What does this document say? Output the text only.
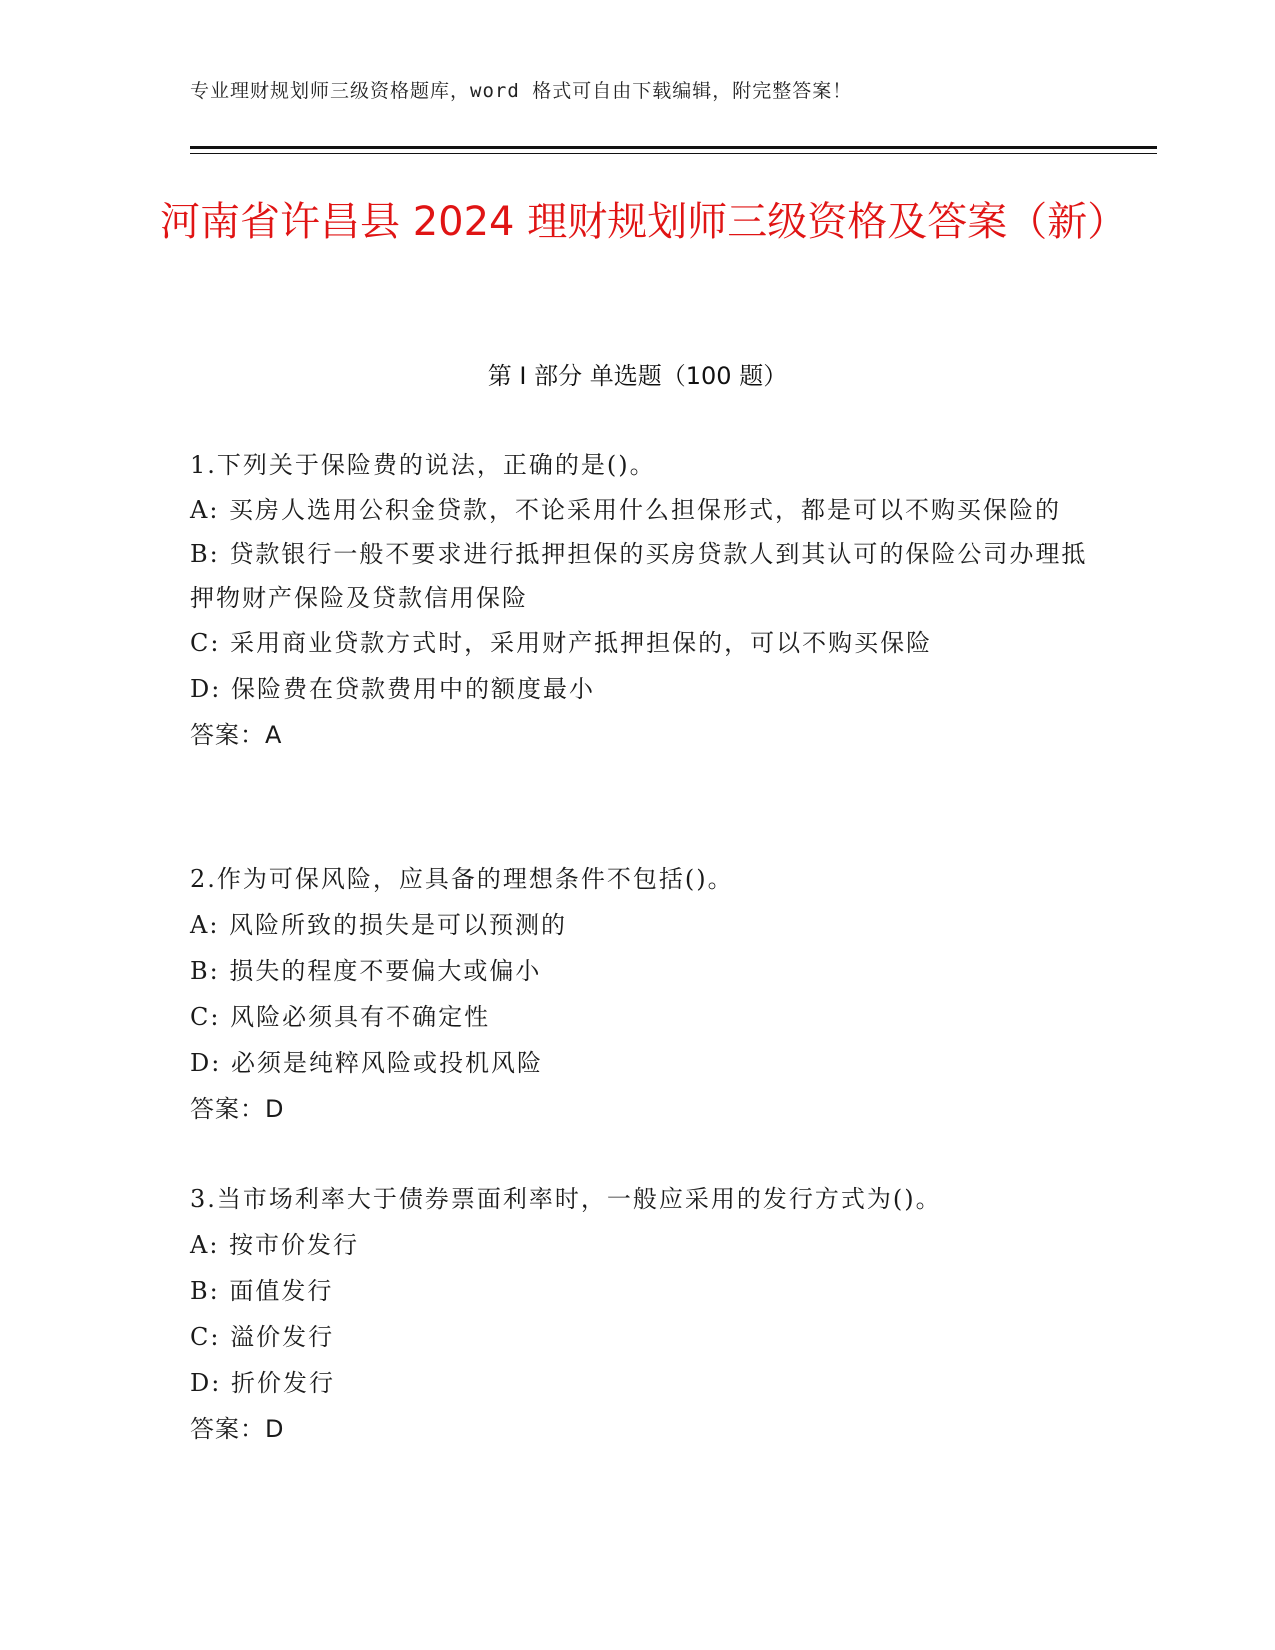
专业理财规划师三级资格题库，word 格式可自由下载编辑，附完整答案！
河南省许昌县 2024 理财规划师三级资格及答案（新）
第 I 部分 单选题（100 题）

1.下列关于保险费的说法，正确的是()。

A: 买房人选用公积金贷款，不论采用什么担保形式，都是可以不购买保险的

B: 贷款银行一般不要求进行抵押担保的买房贷款人到其认可的保险公司办理抵押物财产保险及贷款信用保险

C: 采用商业贷款方式时，采用财产抵押担保的，可以不购买保险

D: 保险费在贷款费用中的额度最小

答案：A

2.作为可保风险，应具备的理想条件不包括()。

A: 风险所致的损失是可以预测的

B: 损失的程度不要偏大或偏小

C: 风险必须具有不确定性

D: 必须是纯粹风险或投机风险

答案：D

3.当市场利率大于债券票面利率时，一般应采用的发行方式为()。

A: 按市价发行

B: 面值发行

C: 溢价发行

D: 折价发行

答案：D
